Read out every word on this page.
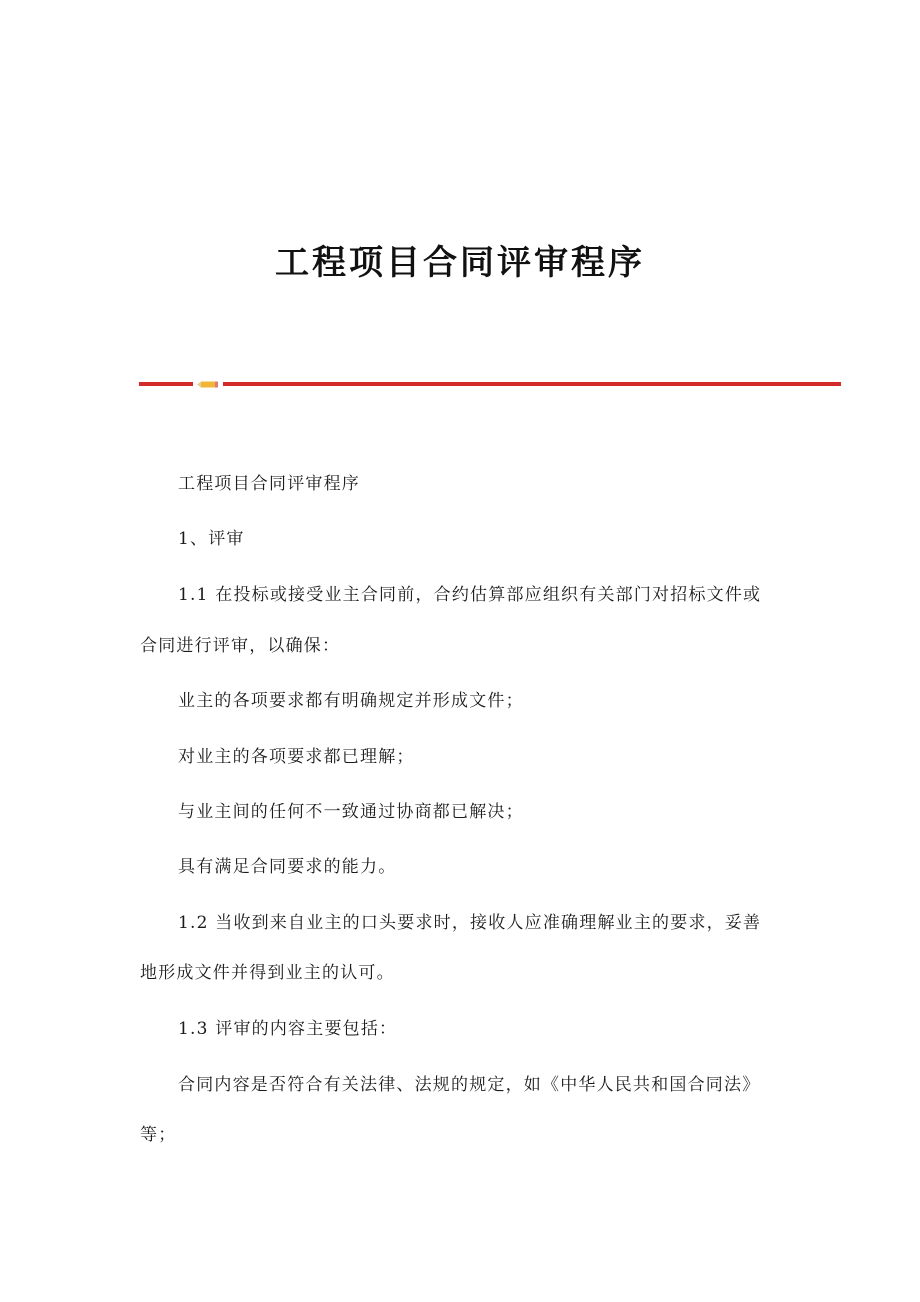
工程项目合同评审程序

工程项目合同评审程序

1、评审

1.1 在投标或接受业主合同前，合约估算部应组织有关部门对招标文件或

合同进行评审，以确保：

业主的各项要求都有明确规定并形成文件；

对业主的各项要求都已理解；

与业主间的任何不一致通过协商都已解决；

具有满足合同要求的能力。

1.2 当收到来自业主的口头要求时，接收人应准确理解业主的要求，妥善

地形成文件并得到业主的认可。

1.3 评审的内容主要包括：

合同内容是否符合有关法律、法规的规定，如《中华人民共和国合同法》

等；
